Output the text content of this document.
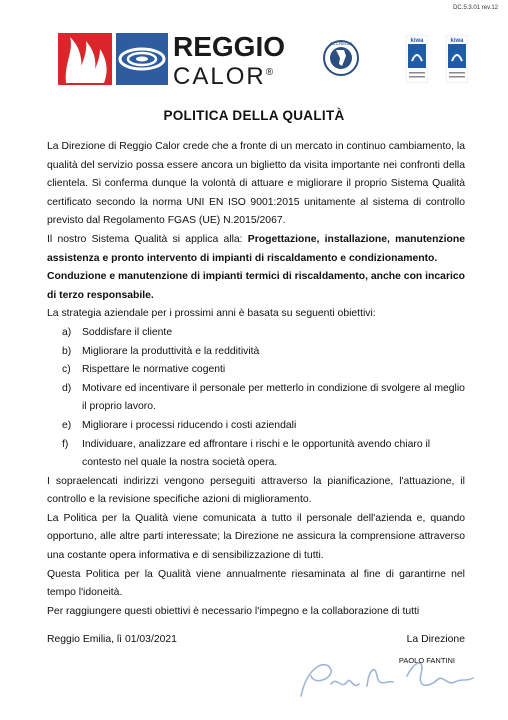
DC.5.3.01 rev.12
REGGIO
CALOR®
ACCREDIA	kiwa	kiwa
POLITICA DELLA QUALITÀ

La Direzione di Reggio Calor crede che a fronte di un mercato in continuo cambiamento, la qualità del servizio possa essere ancora un biglietto da visita importante nei confronti della clientela. Si conferma dunque la volontà di attuare e migliorare il proprio Sistema Qualità certificato secondo la norma UNI EN ISO 9001:2015 unitamente al sistema di controllo previsto dal Regolamento FGAS (UE) N.2015/2067.

Il nostro Sistema Qualità si applica alla: Progettazione, installazione, manutenzione assistenza e pronto intervento di impianti di riscaldamento e condizionamento.

Conduzione e manutenzione di impianti termici di riscaldamento, anche con incarico di terzo responsabile.

La strategia aziendale per i prossimi anni è basata su seguenti obiettivi:

a)	Soddisfare il cliente
b)	Migliorare la produttività e la redditività
c)	Rispettare le normative cogenti
d)	Motivare ed incentivare il personale per metterlo in condizione di svolgere al meglio il proprio lavoro.
e)	Migliorare i processi riducendo i costi aziendali
f)	Individuare, analizzare ed affrontare i rischi e le opportunità avendo chiaro il contesto nel quale la nostra società opera.

I sopraelencati indirizzi vengono perseguiti attraverso la pianificazione, l'attuazione, il controllo e la revisione specifiche azioni di miglioramento.

La Politica per la Qualità viene comunicata a tutto il personale dell'azienda e, quando opportuno, alle altre parti interessate; la Direzione ne assicura la comprensione attraverso una costante opera informativa e di sensibilizzazione di tutti.

Questa Politica per la Qualità viene annualmente riesaminata al fine di garantirne nel tempo l'idoneità.

Per raggiungere questi obiettivi è necessario l'impegno e la collaborazione di tutti

Reggio Emilia, lì 01/03/2021	La Direzione
PAOLO FANTINI
